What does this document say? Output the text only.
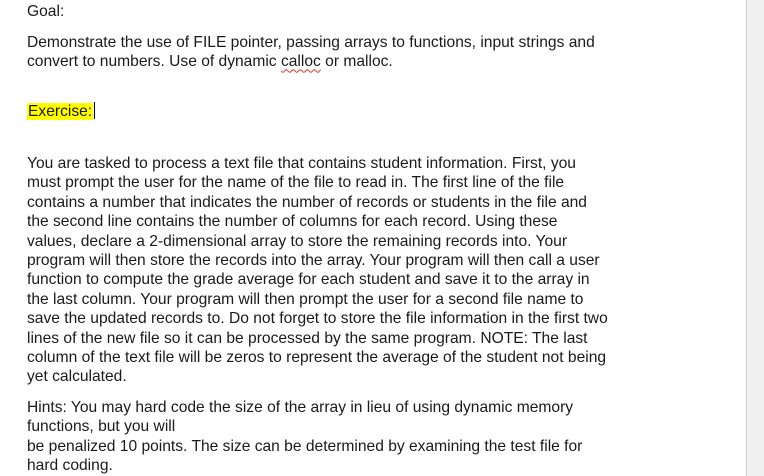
Goal:

Demonstrate the use of FILE pointer, passing arrays to functions, input strings and
convert to numbers. Use of dynamic calloc or malloc.

Exercise:

You are tasked to process a text file that contains student information. First, you
must prompt the user for the name of the file to read in. The first line of the file
contains a number that indicates the number of records or students in the file and
the second line contains the number of columns for each record. Using these
values, declare a 2-dimensional array to store the remaining records into. Your
program will then store the records into the array. Your program will then call a user
function to compute the grade average for each student and save it to the array in
the last column. Your program will then prompt the user for a second file name to
save the updated records to. Do not forget to store the file information in the first two
lines of the new file so it can be processed by the same program. NOTE: The last
column of the text file will be zeros to represent the average of the student not being
yet calculated.

Hints: You may hard code the size of the array in lieu of using dynamic memory
functions, but you will
be penalized 10 points. The size can be determined by examining the test file for
hard coding.
